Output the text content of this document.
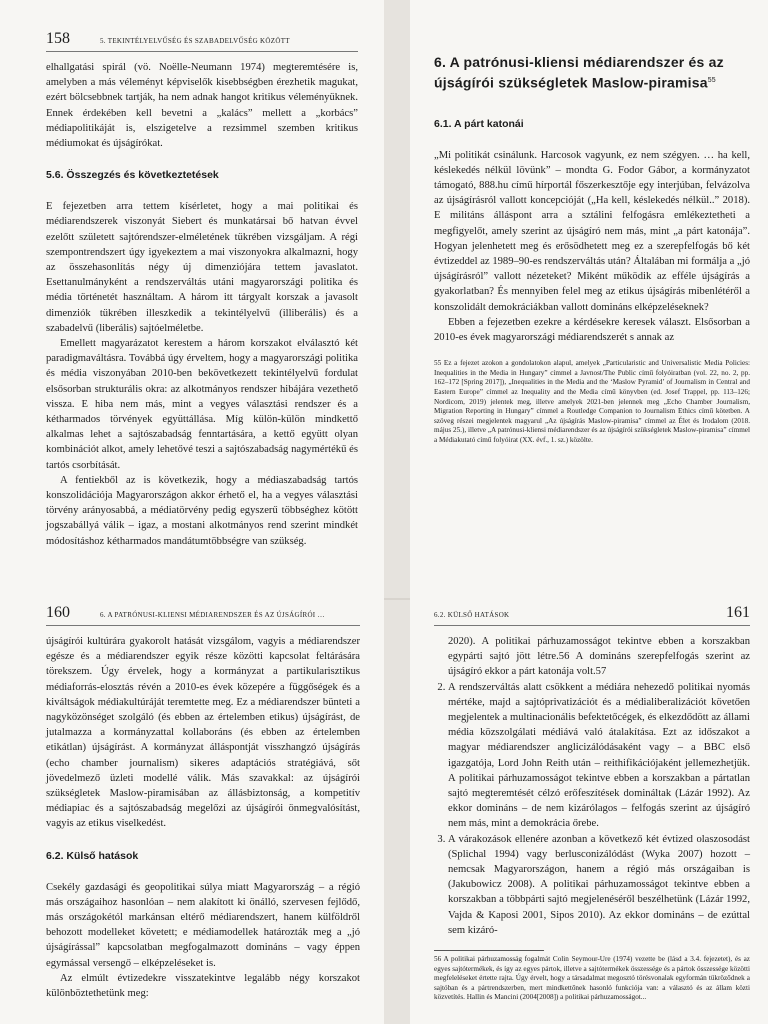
158	5. TEKINTÉLYELVŰSÉG ÉS SZABADELVŰSÉG KÖZÖTT

elhallgatási spirál (vö. Noëlle-Neumann 1974) megteremtésére is, amelyben a más véleményt képviselők kisebbségben érezhetik magukat, ezért bölcsebbnek tartják, ha nem adnak hangot kritikus véleményüknek. Ennek érdekében kell bevetni a „kalács” mellett a „korbács” médiapolitikáját is, elszigetelve a rezsimmel szemben kritikus médiumokat és újságírókat.

5.6. Összegzés és következtetések

E fejezetben arra tettem kísérletet, hogy a mai politikai és médiarendszerek viszonyát Siebert és munkatársai bő hatvan évvel ezelőtt született sajtórendszer-elméletének tükrében vizsgáljam. A régi szempontrendszert úgy igyekeztem a mai viszonyokra alkalmazni, hogy az összehasonlítás négy új dimenziójára tettem javaslatot. Esettanulmányként a rendszerváltás utáni magyarországi politika és média történetét használtam. A három itt tárgyalt korszak a javasolt dimenziók tükrében illeszkedik a tekintélyelvű (illiberális) és a szabadelvű (liberális) sajtóelméletbe.

Emellett magyarázatot kerestem a három korszakot elválasztó két paradigmaváltásra. Továbbá úgy érveltem, hogy a magyarországi politika és média viszonyában 2010-ben bekövetkezett tekintélyelvű fordulat elsősorban strukturális okra: az alkotmányos rendszer hibájára vezethető vissza. E hiba nem más, mint a vegyes választási rendszer és a kétharmados törvények együttállása. Míg külön-külön mindkettő alkalmas lehet a sajtószabadság fenntartására, a kettő együtt olyan kombinációt alkot, amely lehetővé teszi a sajtószabadság nagymértékű és tartós csorbítását.

A fentiekből az is következik, hogy a médiaszabadság tartós konszolidációja Magyarországon akkor érhető el, ha a vegyes választási törvény arányosabbá, a médiatörvény pedig egyszerű többséghez kötött jogszabállyá válik – igaz, a mostani alkotmányos rend szerint mindkét módosításhoz kétharmados mandátumtöbbségre van szükség.

6. A patrónusi-kliensi médiarendszer és az újságírói szükségletek Maslow-piramisa$^{55}$
6.1. A párt katonái

„Mi politikát csinálunk. Harcosok vagyunk, ez nem szégyen. … ha kell, késlekedés nélkül lövünk” – mondta G. Fodor Gábor, a kormányzatot támogató, 888.hu című hírportál főszerkesztője egy interjúban, felvázolva az újságírásról vallott koncepcióját („Ha kell, késlekedés nélkül..” 2018). E militáns álláspont arra a sztálini felfogásra emlékeztetheti a megfigyelőt, amely szerint az újságíró nem más, mint „a párt katonája”. Hogyan jelenhetett meg és erősödhetett meg ez a szerepfelfogás bő két évtizeddel az 1989–90-es rendszerváltás után? Általában mi formálja a „jó újságírásról” vallott nézeteket? Miként működik az efféle újságírás a gyakorlatban? És mennyiben felel meg az etikus újságírás mibenlétéről a konszolidált demokráciákban vallott domináns elképzeléseknek?

Ebben a fejezetben ezekre a kérdésekre keresek választ. Elsősorban a 2010-es évek magyarországi médiarendszerét s annak az

55 Ez a fejezet azokon a gondolatokon alapul, amelyek „Particularistic and Universalistic Media Policies: Inequalities in the Media in Hungary” címmel a Javnost/The Public című folyóiratban (vol. 22, no. 2, pp. 162–172 [Spring 2017]), „Inequalities in the Media and the ‘Maslow Pyramid’ of Journalism in Central and Eastern Europe” címmel az Inequality and the Media című könyvben (ed. Josef Trappel, pp. 113–126; Nordicom, 2019) jelentek meg, illetve amelyek 2021-ben jelennek meg „Echo Chamber Journalism, Migration Reporting in Hungary” címmel a Routledge Companion to Journalism Ethics című kötetben. A szöveg részei megjelentek magyarul „Az újságírás Maslow-piramisa” címmel az Élet és Irodalom (2018. május 25.), illetve „A patrónusi-kliensi médiarendszer és az újságírói szükségletek Maslow-piramisa” címmel a Médiakutató című folyóirat (XX. évf., 1. sz.) közölte.
160	6. A PATRÓNUSI-KLIENSI MÉDIARENDSZER ÉS AZ ÚJSÁGÍRÓI …

újságírói kultúrára gyakorolt hatását vizsgálom, vagyis a médiarendszer egésze és a médiarendszer egyik része közötti kapcsolat feltárására törekszem. Úgy érvelek, hogy a kormányzat a partikularisztikus médiaforrás-elosztás révén a 2010-es évek közepére a függőségek és a kiváltságok médiakultúráját teremtette meg. Ez a médiarendszer bünteti a nagyközönséget szolgáló (és ebben az értelemben etikus) újságírást, de jutalmazza a kormányzattal kollaboráns (és ebben az értelemben etikátlan) újságírást. A kormányzat álláspontját visszhangzó újságírás (echo chamber journalism) sikeres adaptációs stratégiává, sőt jövedelmező üzleti modellé válik. Más szavakkal: az újságírói szükségletek Maslow-piramisában az állásbiztonság, a kompetitív médiapiac és a sajtószabadság megelőzi az újságírói önmegvalósítást, vagyis az etikus viselkedést.

6.2. Külső hatások

Csekély gazdasági és geopolitikai súlya miatt Magyarország – a régió más országaihoz hasonlóan – nem alakított ki önálló, szervesen fejlődő, más országokétól markánsan eltérő médiarendszert, hanem külföldről behozott modelleket követett; e médiamodellek határozták meg a „jó újságírással” kapcsolatban megfogalmazott domináns – vagy éppen egymással versengő – elképzeléseket is.

Az elmúlt évtizedekre visszatekintve legalább négy korszakot különböztethetünk meg:

6.2. KÜLSŐ HATÁSOK	161
2020). A politikai párhuzamosságot tekintve ebben a korszakban egypárti sajtó jött létre.56 A domináns szerepfelfogás szerint az újságíró ekkor a párt katonája volt.57
2. A rendszerváltás alatt csökkent a médiára nehezedő politikai nyomás mértéke, majd a sajtóprivatizációt és a médialiberalizációt követően megjelentek a multinacionális befektetőcégek, és elkezdődött az állami média közszolgálati médiává való átalakítása. Ezt az időszakot a magyar médiarendszer anglicizálódásaként vagy – a BBC első igazgatója, Lord John Reith után – reithifikációjaként jellemezhetjük. A politikai párhuzamosságot tekintve ebben a korszakban a pártatlan sajtó megteremtését célzó erőfeszítések domináltak (Lázár 1992). Az ekkor domináns – de nem kizárólagos – felfogás szerint az újságíró nem más, mint a demokrácia őrebe.
3. A várakozások ellenére azonban a következő két évtized olaszosodást (Splichal 1994) vagy berlusconizálódást (Wyka 2007) hozott – nemcsak Magyarországon, hanem a régió más országaiban is (Jakubowicz 2008). A politikai párhuzamosságot tekintve ebben a korszakban a többpárti sajtó megjelenéséről beszélhetünk (Lázár 1992, Vajda & Kaposi 2001, Sipos 2010). Az ekkor domináns – de ezúttal sem kizáró-
56 A politikai párhuzamosság fogalmát Colin Seymour-Ure (1974) vezette be (lásd a 3.4. fejezetet), és az egyes sajtótermékek, és így az egyes pártok, illetve a sajtótermékek összessége és a pártok összessége közötti megfeleléseket értette rajta. Úgy érvelt, hogy a társadalmat megosztó törésvonalak egyformán tükröződnek a sajtóban és a pártrendszerben, mert mindkettőnek hasonló funkciója van: a választó és az állam közti közvetítés. Hallin és Mancini (2004[2008]) a politikai párhuzamosságot...
